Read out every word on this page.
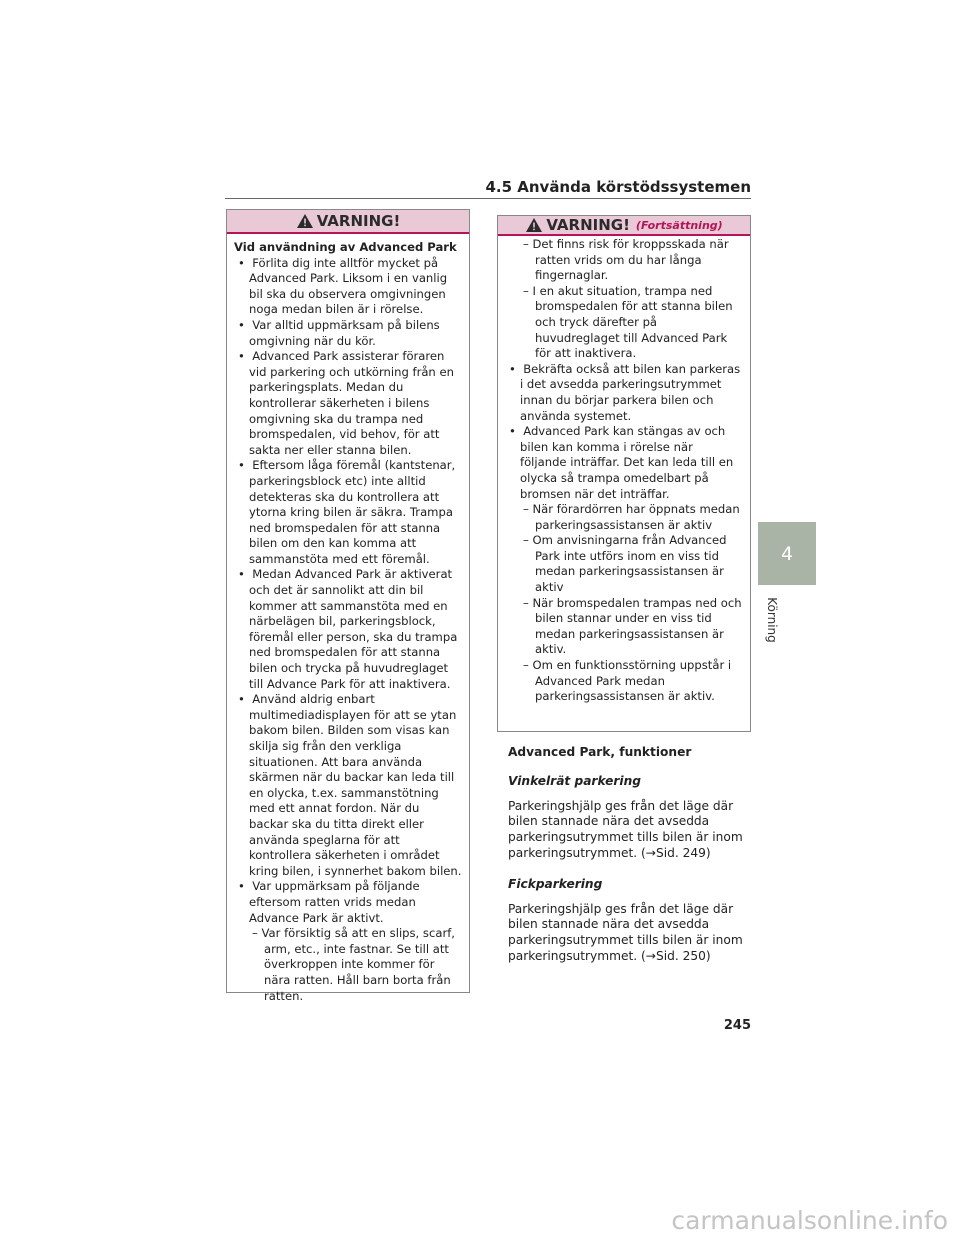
4.5 Använda körstödssystemen
VARNING!
Vid användning av Advanced Park
•  Förlita dig inte alltför mycket på Advanced Park. Liksom i en vanlig bil ska du observera omgivningen noga medan bilen är i rörelse.
•  Var alltid uppmärksam på bilens omgivning när du kör.
•  Advanced Park assisterar föraren vid parkering och utkörning från en parkeringsplats. Medan du kontrollerar säkerheten i bilens omgivning ska du trampa ned bromspedalen, vid behov, för att sakta ner eller stanna bilen.
•  Eftersom låga föremål (kantstenar, parkeringsblock etc) inte alltid detekteras ska du kontrollera att ytorna kring bilen är säkra. Trampa ned bromspedalen för att stanna bilen om den kan komma att sammanstöta med ett föremål.
•  Medan Advanced Park är aktiverat och det är sannolikt att din bil kommer att sammanstöta med en närbelägen bil, parkeringsblock, föremål eller person, ska du trampa ned bromspedalen för att stanna bilen och trycka på huvudreglaget till Advance Park för att inaktivera.
•  Använd aldrig enbart multimediadisplayen för att se ytan bakom bilen. Bilden som visas kan skilja sig från den verkliga situationen. Att bara använda skärmen när du backar kan leda till en olycka, t.ex. sammanstötning med ett annat fordon. När du backar ska du titta direkt eller använda speglarna för att kontrollera säkerheten i området kring bilen, i synnerhet bakom bilen.
•  Var uppmärksam på följande eftersom ratten vrids medan Advance Park är aktivt.
– Var försiktig så att en slips, scarf, arm, etc., inte fastnar. Se till att överkroppen inte kommer för nära ratten. Håll barn borta från ratten.
VARNING! (Fortsättning)
– Det finns risk för kroppsskada när ratten vrids om du har långa fingernaglar.
– I en akut situation, trampa ned bromspedalen för att stanna bilen och tryck därefter på huvudreglaget till Advanced Park för att inaktivera.
•  Bekräfta också att bilen kan parkeras i det avsedda parkeringsutrymmet innan du börjar parkera bilen och använda systemet.
•  Advanced Park kan stängas av och bilen kan komma i rörelse när följande inträffar. Det kan leda till en olycka så trampa omedelbart på bromsen när det inträffar.
– När förardörren har öppnats medan parkeringsassistansen är aktiv
– Om anvisningarna från Advanced Park inte utförs inom en viss tid medan parkeringsassistansen är aktiv
– När bromspedalen trampas ned och bilen stannar under en viss tid medan parkeringsassistansen är aktiv.
– Om en funktionsstörning uppstår i Advanced Park medan parkeringsassistansen är aktiv.
Advanced Park, funktioner
Vinkelrät parkering
Parkeringshjälp ges från det läge där bilen stannade nära det avsedda parkeringsutrymmet tills bilen är inom parkeringsutrymmet. (→Sid. 249)
Fickparkering
Parkeringshjälp ges från det läge där bilen stannade nära det avsedda parkeringsutrymmet tills bilen är inom parkeringsutrymmet. (→Sid. 250)
4
Körning
245
carmanualsonline.info
